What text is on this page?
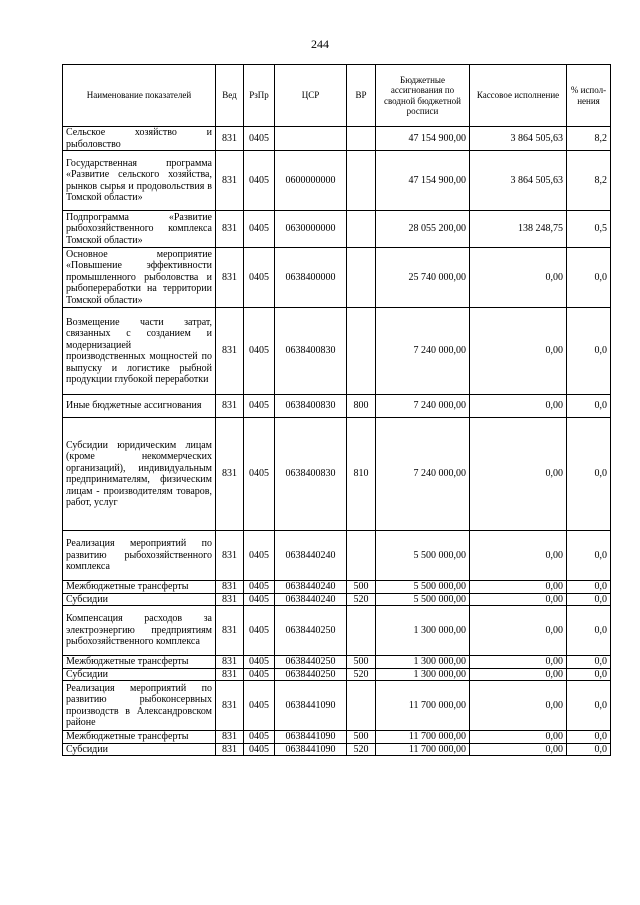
244
Наименование показателей	Вед	РзПр	ЦСР	ВР	Бюджетные ассигнования по сводной бюджетной росписи	Кассовое исполнение	% испол-нения
Сельское хозяйство и рыболовство	831	0405			47 154 900,00	3 864 505,63	8,2
Государственная программа «Развитие сельского хозяйства, рынков сырья и продовольствия в Томской области»	831	0405	0600000000		47 154 900,00	3 864 505,63	8,2
Подпрограмма «Развитие рыбохозяйственного комплекса Томской области»	831	0405	0630000000		28 055 200,00	138 248,75	0,5
Основное мероприятие «Повышение эффективности промышленного рыболовства и рыбопереработки на территории Томской области»	831	0405	0638400000		25 740 000,00	0,00	0,0
Возмещение части затрат, связанных с созданием и модернизацией производственных мощностей по выпуску и логистике рыбной продукции глубокой переработки	831	0405	0638400830		7 240 000,00	0,00	0,0
Иные бюджетные ассигнования	831	0405	0638400830	800	7 240 000,00	0,00	0,0
Субсидии юридическим лицам (кроме некоммерческих организаций), индивидуальным предпринимателям, физическим лицам - производителям товаров, работ, услуг	831	0405	0638400830	810	7 240 000,00	0,00	0,0
Реализация мероприятий по развитию рыбохозяйственного комплекса	831	0405	0638440240		5 500 000,00	0,00	0,0
Межбюджетные трансферты	831	0405	0638440240	500	5 500 000,00	0,00	0,0
Субсидии	831	0405	0638440240	520	5 500 000,00	0,00	0,0
Компенсация расходов за электроэнергию предприятиям рыбохозяйственного комплекса	831	0405	0638440250		1 300 000,00	0,00	0,0
Межбюджетные трансферты	831	0405	0638440250	500	1 300 000,00	0,00	0,0
Субсидии	831	0405	0638440250	520	1 300 000,00	0,00	0,0
Реализация мероприятий по развитию рыбоконсервных производств в Александровском районе	831	0405	0638441090		11 700 000,00	0,00	0,0
Межбюджетные трансферты	831	0405	0638441090	500	11 700 000,00	0,00	0,0
Субсидии	831	0405	0638441090	520	11 700 000,00	0,00	0,0
